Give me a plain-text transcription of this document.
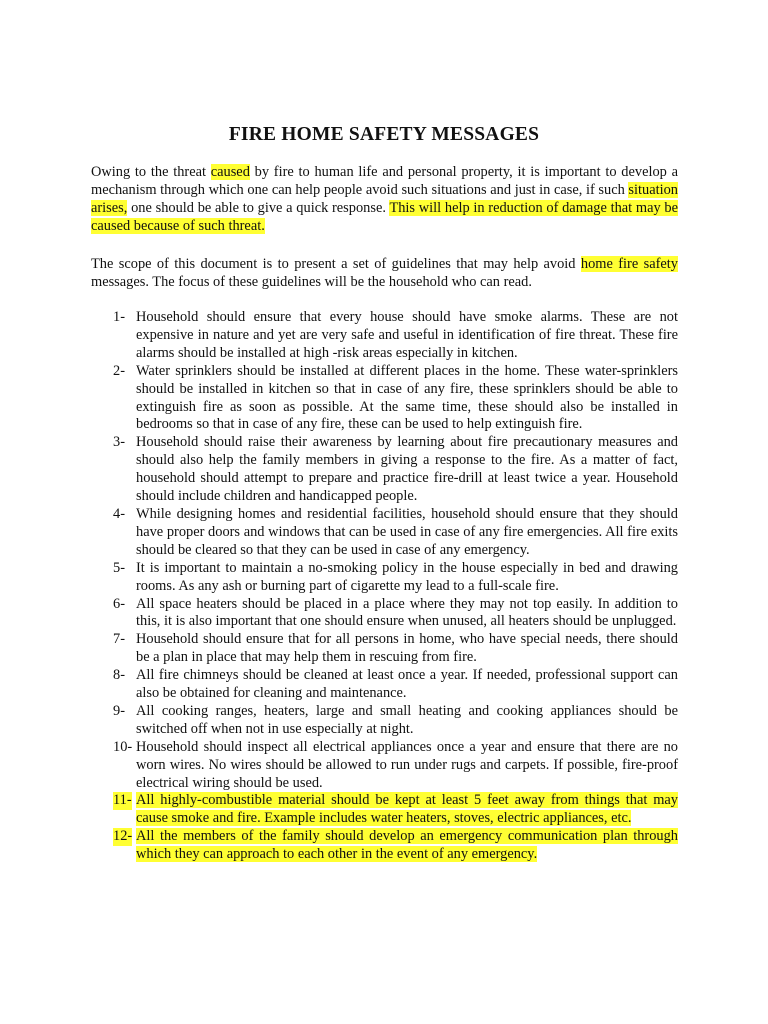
FIRE HOME SAFETY MESSAGES

Owing to the threat caused by fire to human life and personal property, it is important to develop a mechanism through which one can help people avoid such situations and just in case, if such situation arises, one should be able to give a quick response. This will help in reduction of damage that may be caused because of such threat.

The scope of this document is to present a set of guidelines that may help avoid home fire safety messages. The focus of these guidelines will be the household who can read.

1- Household should ensure that every house should have smoke alarms. These are not expensive in nature and yet are very safe and useful in identification of fire threat. These fire alarms should be installed at high -risk areas especially in kitchen.
2- Water sprinklers should be installed at different places in the home. These water-sprinklers should be installed in kitchen so that in case of any fire, these sprinklers should be able to extinguish fire as soon as possible. At the same time, these should also be installed in bedrooms so that in case of any fire, these can be used to help extinguish fire.
3- Household should raise their awareness by learning about fire precautionary measures and should also help the family members in giving a response to the fire. As a matter of fact, household should attempt to prepare and practice fire-drill at least twice a year. Household should include children and handicapped people.
4- While designing homes and residential facilities, household should ensure that they should have proper doors and windows that can be used in case of any fire emergencies. All fire exits should be cleared so that they can be used in case of any emergency.
5- It is important to maintain a no-smoking policy in the house especially in bed and drawing rooms. As any ash or burning part of cigarette my lead to a full-scale fire.
6- All space heaters should be placed in a place where they may not top easily. In addition to this, it is also important that one should ensure when unused, all heaters should be unplugged.
7- Household should ensure that for all persons in home, who have special needs, there should be a plan in place that may help them in rescuing from fire.
8- All fire chimneys should be cleaned at least once a year. If needed, professional support can also be obtained for cleaning and maintenance.
9- All cooking ranges, heaters, large and small heating and cooking appliances should be switched off when not in use especially at night.
10- Household should inspect all electrical appliances once a year and ensure that there are no worn wires. No wires should be allowed to run under rugs and carpets. If possible, fire-proof electrical wiring should be used.
11- All highly-combustible material should be kept at least 5 feet away from things that may cause smoke and fire. Example includes water heaters, stoves, electric appliances, etc.
12- All the members of the family should develop an emergency communication plan through which they can approach to each other in the event of any emergency.
